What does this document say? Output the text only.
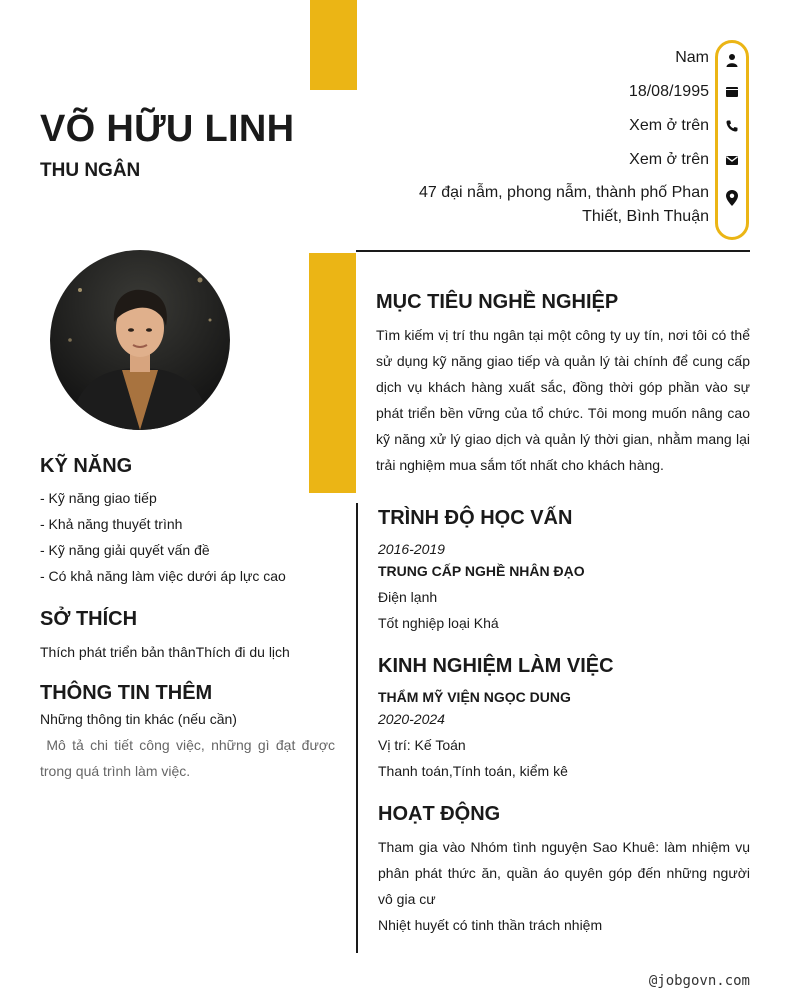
VÕ HỮU LINH
THU NGÂN
Nam
18/08/1995
Xem ở trên
Xem ở trên
47 đại nẫm, phong nẫm, thành phố Phan Thiết, Bình Thuận
KỸ NĂNG
- Kỹ năng giao tiếp
- Khả năng thuyết trình
- Kỹ năng giải quyết vấn đề
- Có khả năng làm việc dưới áp lực cao
SỞ THÍCH
Thích phát triển bản thânThích đi du lịch
THÔNG TIN THÊM
Những thông tin khác (nếu cần)
Mô tả chi tiết công việc, những gì đạt được trong quá trình làm việc.
MỤC TIÊU NGHỀ NGHIỆP
Tìm kiếm vị trí thu ngân tại một công ty uy tín, nơi tôi có thể sử dụng kỹ năng giao tiếp và quản lý tài chính để cung cấp dịch vụ khách hàng xuất sắc, đồng thời góp phần vào sự phát triển bền vững của tổ chức. Tôi mong muốn nâng cao kỹ năng xử lý giao dịch và quản lý thời gian, nhằm mang lại trải nghiệm mua sắm tốt nhất cho khách hàng.
TRÌNH ĐỘ HỌC VẤN
2016-2019
TRUNG CẤP NGHỀ NHÂN ĐẠO
Điện lạnh
Tốt nghiệp loại Khá
KINH NGHIỆM LÀM VIỆC
THẨM MỸ VIỆN NGỌC DUNG
2020-2024
Vị trí: Kế Toán
Thanh toán,Tính toán, kiểm kê
HOẠT ĐỘNG
Tham gia vào Nhóm tình nguyện Sao Khuê: làm nhiệm vụ phân phát thức ăn, quần áo quyên góp đến những người vô gia cư
Nhiệt huyết có tinh thần trách nhiệm
@jobgovn.com
